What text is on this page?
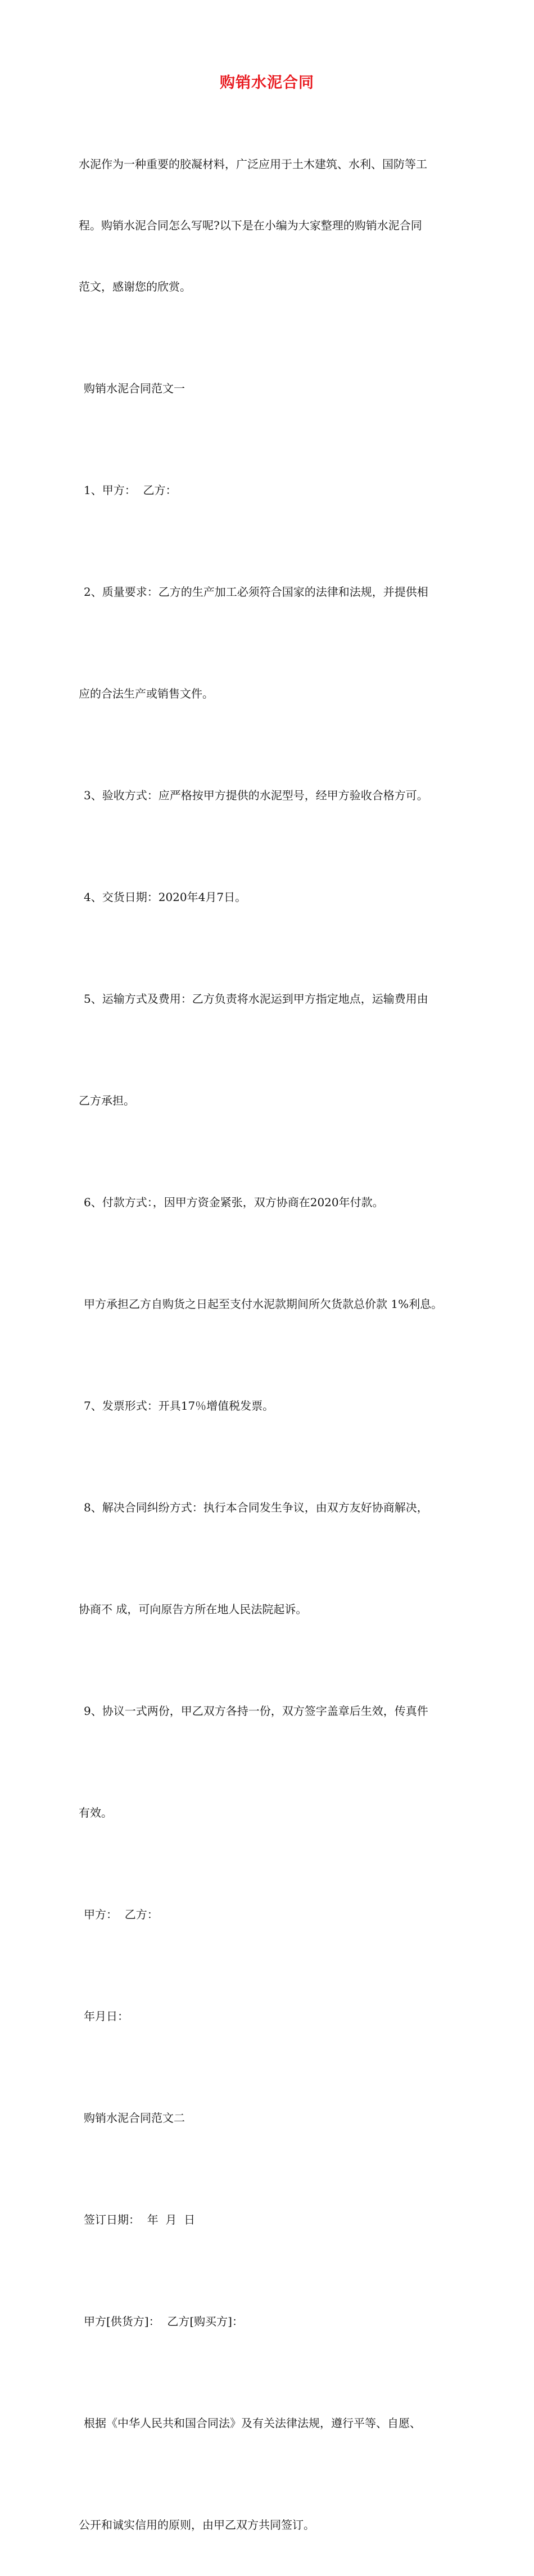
购销水泥合同

水泥作为一种重要的胶凝材料，广泛应用于土木建筑、水利、国防等工

程。购销水泥合同怎么写呢?以下是在小编为大家整理的购销水泥合同

范文，感谢您的欣赏。

购销水泥合同范文一

1、甲方：  乙方：

2、质量要求：乙方的生产加工必须符合国家的法律和法规，并提供相

应的合法生产或销售文件。

3、验收方式：应严格按甲方提供的水泥型号，经甲方验收合格方可。

4、交货日期：2020年4月7日。

5、运输方式及费用：乙方负责将水泥运到甲方指定地点，运输费用由

乙方承担。

6、付款方式：，因甲方资金紧张，双方协商在2020年付款。

甲方承担乙方自购货之日起至支付水泥款期间所欠货款总价款 1%利息。

7、发票形式：开具17％增值税发票。

8、解决合同纠纷方式：执行本合同发生争议，由双方友好协商解决，

协商不 成，可向原告方所在地人民法院起诉。

9、协议一式两份，甲乙双方各持一份，双方签字盖章后生效，传真件

有效。

甲方：  乙方：

年月日：

购销水泥合同范文二

签订日期：  年  月  日

甲方[供货方]：  乙方[购买方]：

根据《中华人民共和国合同法》及有关法律法规，遵行平等、自愿、

公开和诚实信用的原则，由甲乙双方共同签订。
